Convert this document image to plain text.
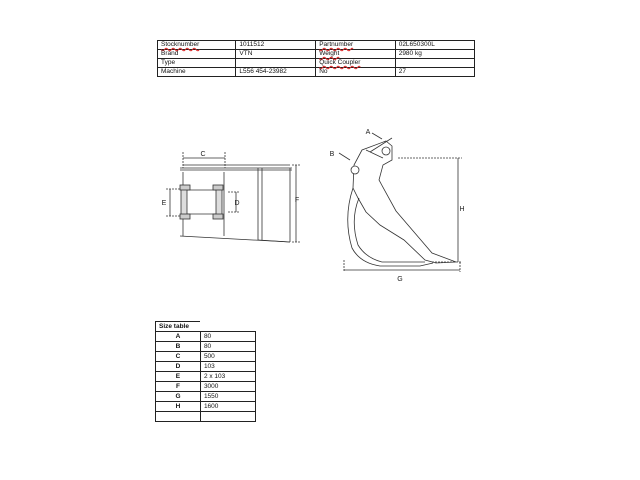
Stocknumber	1011512	Partnumber	02L650300L
Brand	VTN	Weight	2980 kg
Type		Quick Coupler	
Machine	L556 454-23982	No	27
C
E	D	F
A
B
H
G
Size table	
A	80
B	80
C	500
D	103
E	2 x 103
F	3000
G	1550
H	1600
